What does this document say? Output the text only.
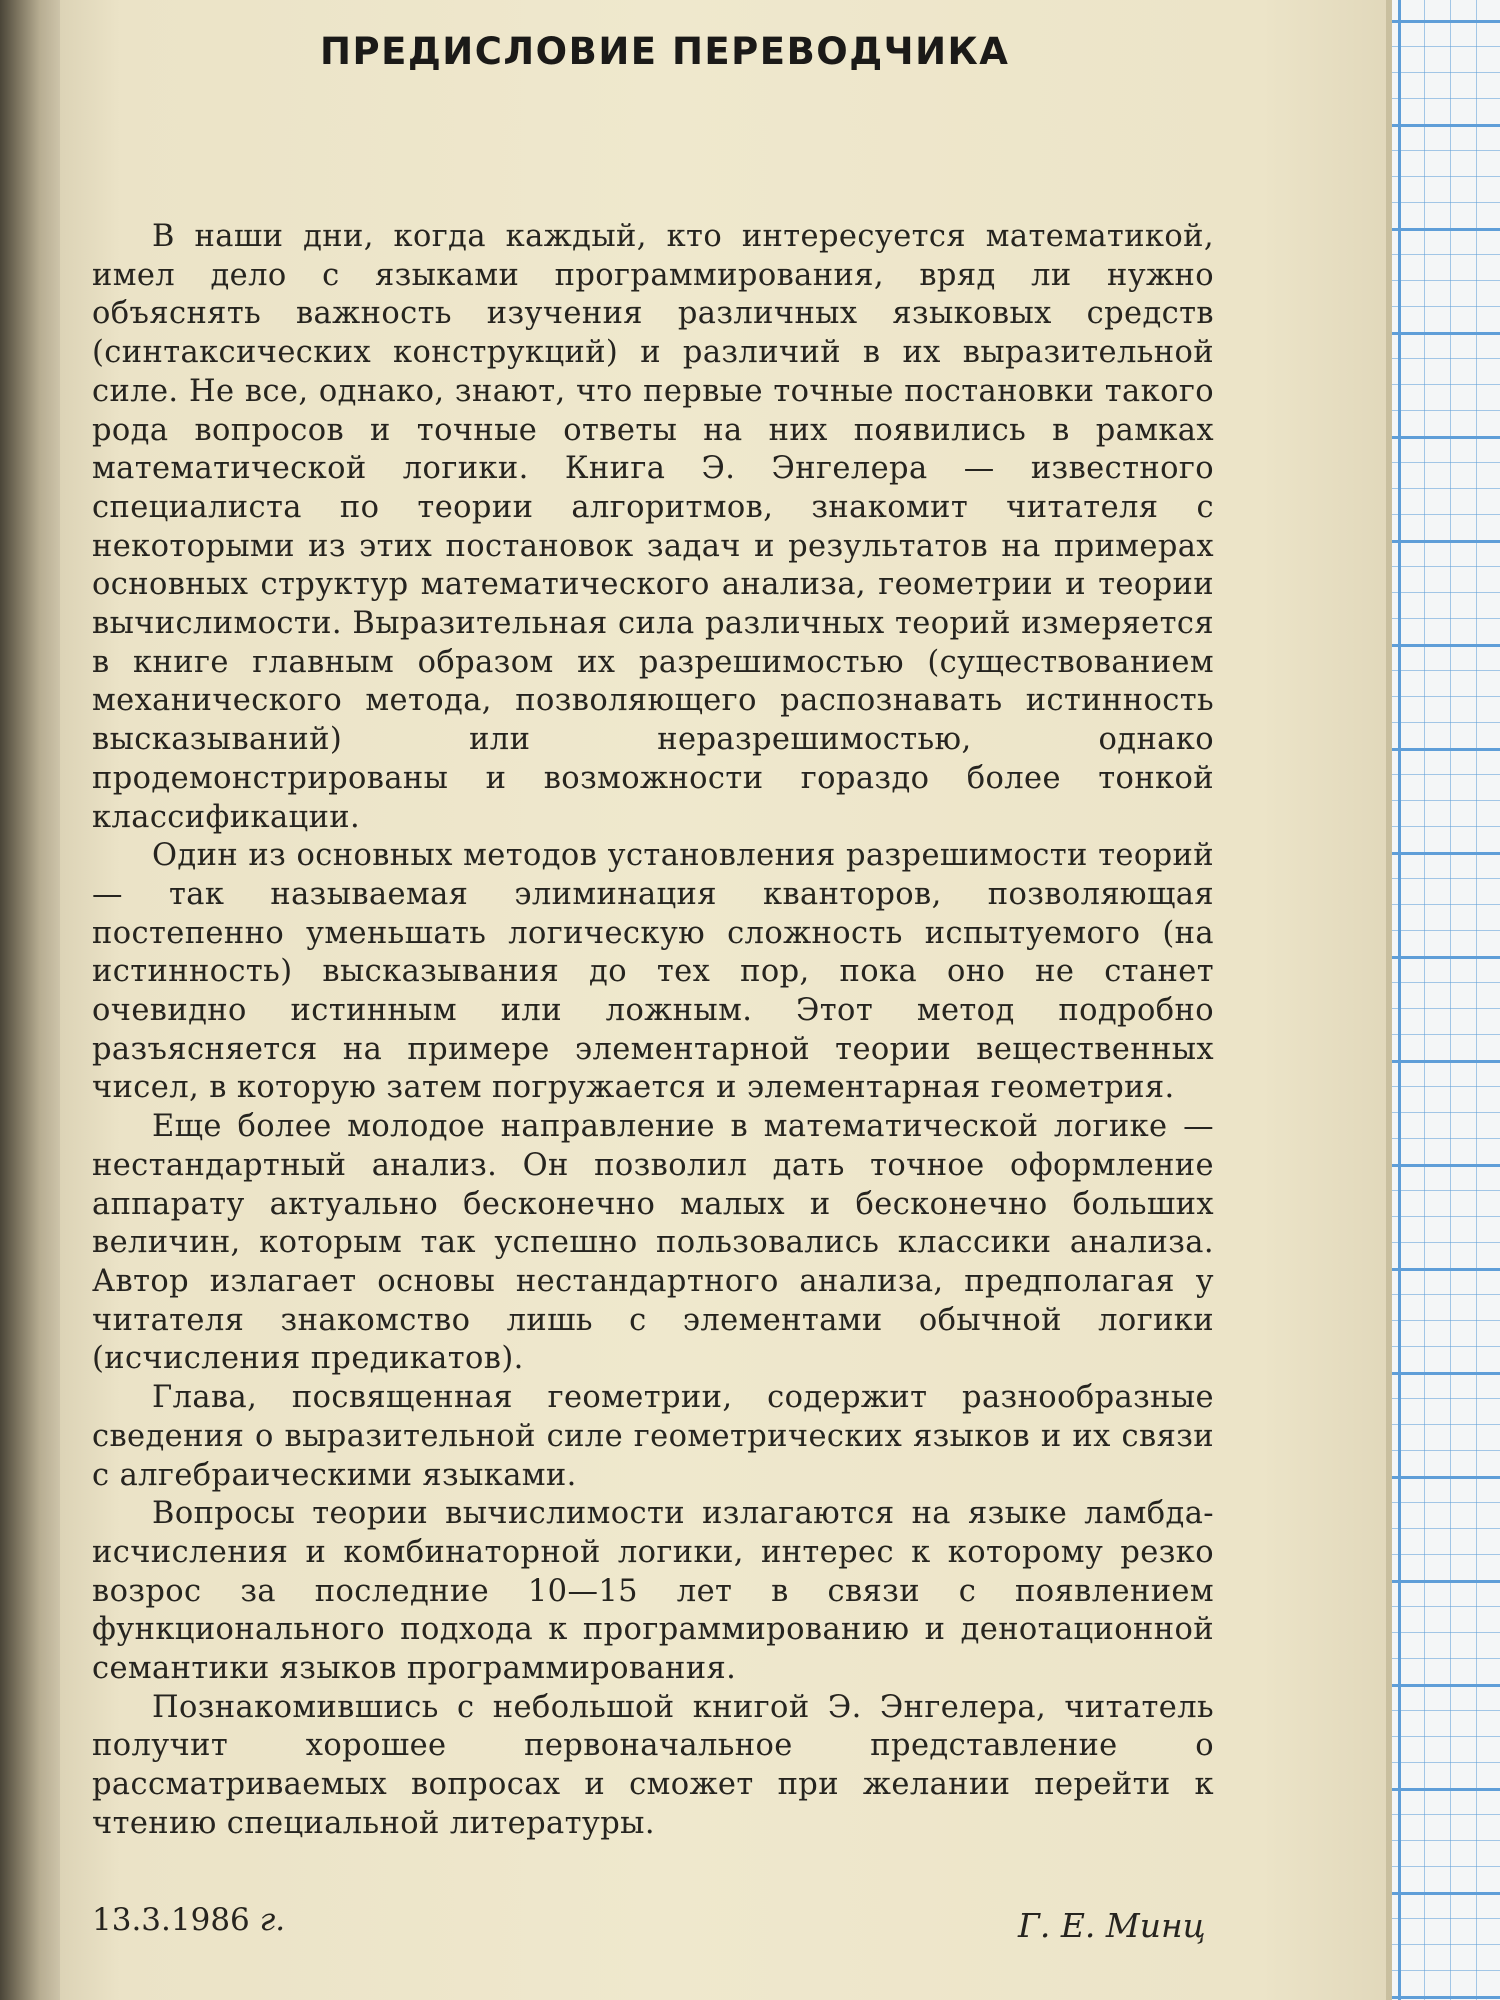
ПРЕДИСЛОВИЕ ПЕРЕВОДЧИКА

В наши дни, когда каждый, кто интересуется математикой, имел дело с языками программирования, вряд ли нужно объяснять важность изучения различных языковых средств (синтаксических конструкций) и различий в их выразительной силе. Не все, однако, знают, что первые точные постановки такого рода вопросов и точные ответы на них появились в рамках математической логики. Книга Э. Энгелера — известного специалиста по теории алгоритмов, знакомит читателя с некоторыми из этих постановок задач и результатов на примерах основных структур математического анализа, геометрии и теории вычислимости. Выразительная сила различных теорий измеряется в книге главным образом их разрешимостью (существованием механического метода, позволяющего распознавать истинность высказываний) или неразрешимостью, однако продемонстрированы и возможности гораздо более тонкой классификации.

Один из основных методов установления разрешимости теорий — так называемая элиминация кванторов, позволяющая постепенно уменьшать логическую сложность испытуемого (на истинность) высказывания до тех пор, пока оно не станет очевидно истинным или ложным. Этот метод подробно разъясняется на примере элементарной теории вещественных чисел, в которую затем погружается и элементарная геометрия.

Еще более молодое направление в математической логике — нестандартный анализ. Он позволил дать точное оформление аппарату актуально бесконечно малых и бесконечно больших величин, которым так успешно пользовались классики анализа. Автор излагает основы нестандартного анализа, предполагая у читателя знакомство лишь с элементами обычной логики (исчисления предикатов).

Глава, посвященная геометрии, содержит разнообразные сведения о выразительной силе геометрических языков и их связи с алгебраическими языками.

Вопросы теории вычислимости излагаются на языке ламбда-исчисления и комбинаторной логики, интерес к которому резко возрос за последние 10—15 лет в связи с появлением функционального подхода к программированию и денотационной семантики языков программирования.

Познакомившись с небольшой книгой Э. Энгелера, читатель получит хорошее первоначальное представление о рассматриваемых вопросах и сможет при желании перейти к чтению специальной литературы.

13.3.1986 г.	Г. Е. Минц
